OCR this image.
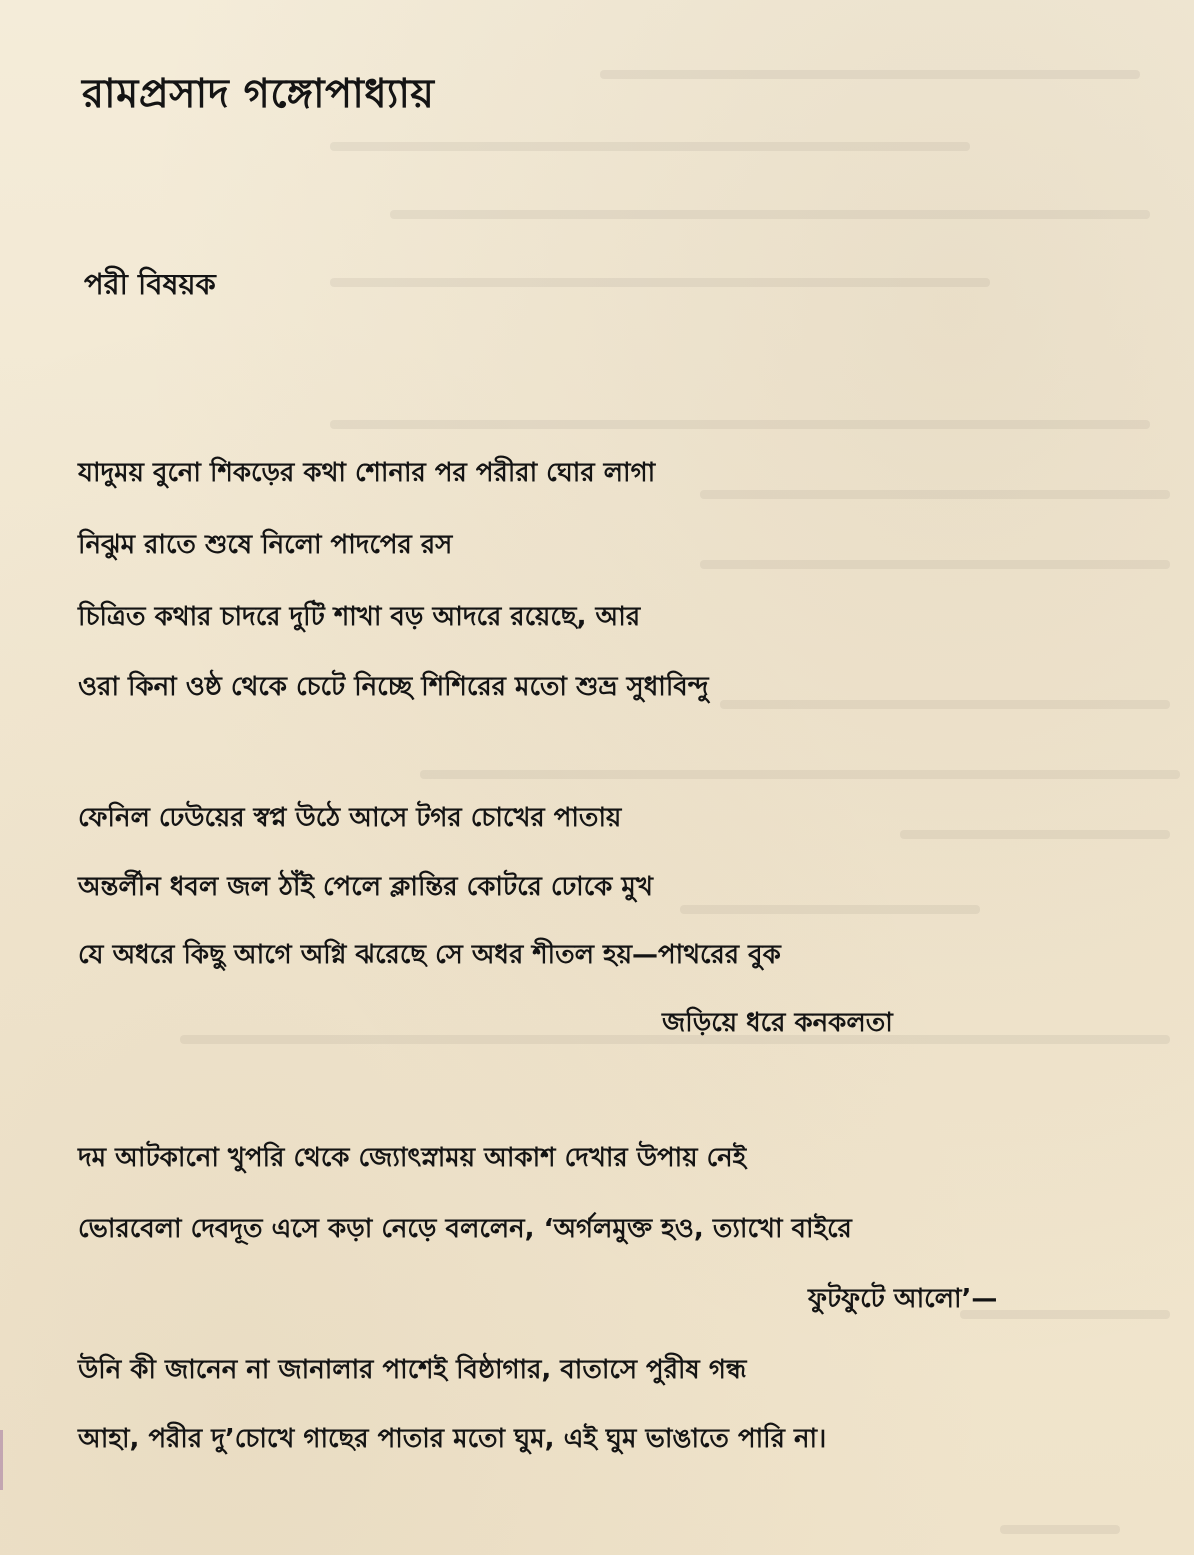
রামপ্রসাদ গঙ্গোপাধ্যায়
পরী বিষয়ক
যাদুময় বুনো শিকড়ের কথা শোনার পর পরীরা ঘোর লাগা
নিঝুম রাতে শুষে নিলো পাদপের রস
চিত্রিত কথার চাদরে দুটি শাখা বড় আদরে রয়েছে, আর
ওরা কিনা ওষ্ঠ থেকে চেটে নিচ্ছে শিশিরের মতো শুভ্র সুধাবিন্দু
ফেনিল ঢেউয়ের স্বপ্ন উঠে আসে টগর চোখের পাতায়
অন্তর্লীন ধবল জল ঠাঁই পেলে ক্লান্তির কোটরে ঢোকে মুখ
যে অধরে কিছু আগে অগ্নি ঝরেছে সে অধর শীতল হয়—পাথরের বুক
জড়িয়ে ধরে কনকলতা
দম আটকানো খুপরি থেকে জ্যোৎস্নাময় আকাশ দেখার উপায় নেই
ভোরবেলা দেবদূত এসে কড়া নেড়ে বললেন, ‘অর্গলমুক্ত হও, ত্যাখো বাইরে
ফুটফুটে আলো’—
উনি কী জানেন না জানালার পাশেই বিষ্ঠাগার, বাতাসে পুরীষ গন্ধ
আহা, পরীর দু’চোখে গাছের পাতার মতো ঘুম, এই ঘুম ভাঙাতে পারি না।
